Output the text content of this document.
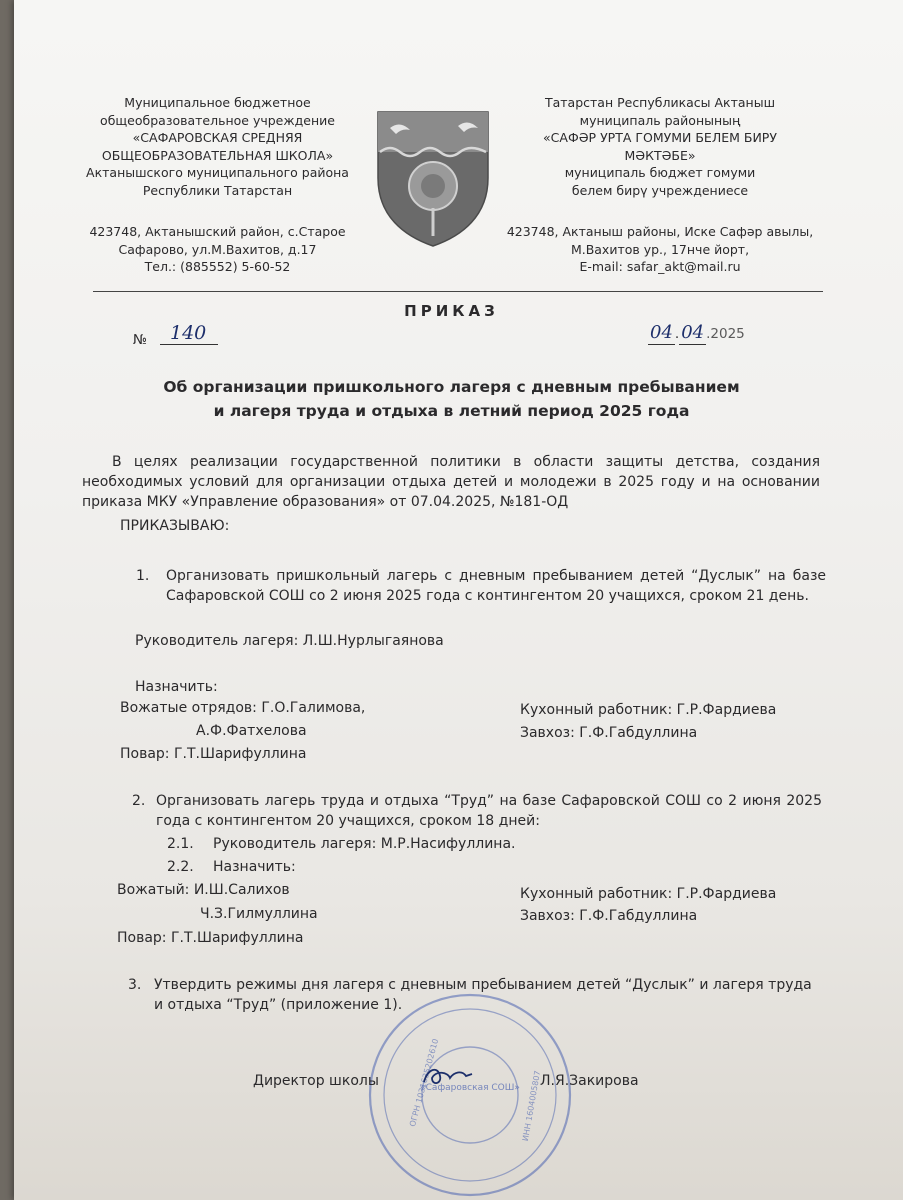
Муниципальное бюджетное
общеобразовательное учреждение
«САФАРОВСКАЯ СРЕДНЯЯ
ОБЩЕОБРАЗОВАТЕЛЬНАЯ ШКОЛА»
Актанышского муниципального района
Республики Татарстан
423748, Актанышский район, с.Старое
Сафарово, ул.М.Вахитов, д.17
Тел.: (885552) 5-60-52
Татарстан Республикасы Актаныш
муниципаль районының
«САФӘР УРТА ГОМУМИ БЕЛЕМ БИРУ
МӘКТӘБЕ»
муниципаль бюджет гомуми
белем бирү учреждениесе
423748, Актаныш районы, Иске Сафәр авылы,
М.Вахитов ур., 17нче йорт,
E-mail: safar_akt@mail.ru
ПРИКАЗ
№	140	04 . 04 .2025
Об организации пришкольного лагеря с дневным пребыванием
и лагеря труда и отдыха в летний период 2025 года
В целях реализации государственной политики в области защиты детства, создания необходимых условий для организации отдыха детей и молодежи в 2025 году и на основании приказа МКУ «Управление образования» от 07.04.2025, №181-ОД
ПРИКАЗЫВАЮ:
1. Организовать пришкольный лагерь с дневным пребыванием детей “Дуслык” на базе Сафаровской СОШ со 2 июня 2025 года с контингентом 20 учащихся, сроком 21 день.
Руководитель лагеря: Л.Ш.Нурлыгаянова
Назначить:
Вожатые отрядов: Г.О.Галимова,
А.Ф.Фатхелова
Повар: Г.Т.Шарифуллина
Кухонный работник: Г.Р.Фардиева
Завхоз: Г.Ф.Габдуллина
2. Организовать лагерь труда и отдыха “Труд” на базе Сафаровской СОШ со 2 июня 2025 года с контингентом 20 учащихся, сроком 18 дней:
2.1. Руководитель лагеря: М.Р.Насифуллина.
2.2. Назначить:
Вожатый: И.Ш.Салихов
Ч.З.Гилмуллина
Повар: Г.Т.Шарифуллина
Кухонный работник: Г.Р.Фардиева
Завхоз: Г.Ф.Габдуллина
3. Утвердить режимы дня лагеря с дневным пребыванием детей “Дуслык” и лагеря труда и отдыха “Труд” (приложение 1).
«Сафаровская СОШ»
ОГРН 1031635202610	ИНН 1604005807
Директор школы	Л.Я.Закирова
